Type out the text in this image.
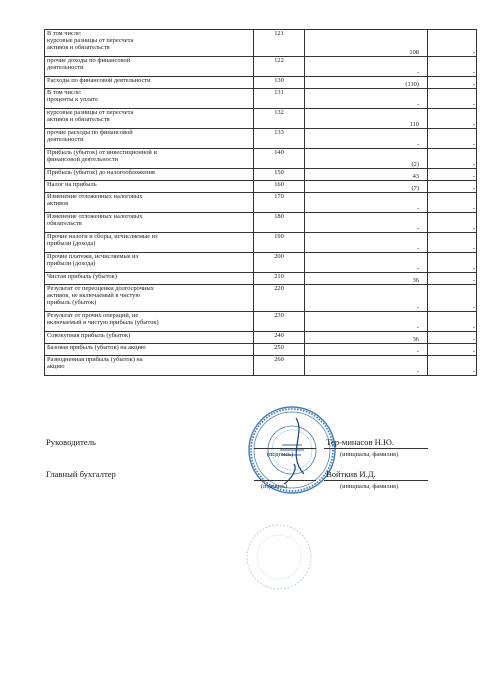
В том числе:
курсовые разницы от пересчета
активов и обязательств	121	108	-
прочие доходы по финансовой
деятельности	122	-	-
Расходы по финансовой деятельности	130	(110)	-
В том числе:
проценты к уплате	131	-	-
курсовые разницы от пересчета
активов и обязательств	132	110	-
прочие расходы по финансовой
деятельности	133	-	-
Прибыль (убыток) от инвестиционной и
финансовой деятельности	140	(2)	-
Прибыль (убыток) до налогообложения	150	43	-
Налог на прибыль	160	(7)	-
Изменение отложенных налоговых
активов	170	-	-
Изменение отложенных налоговых
обязательств	180	-	-
Прочие налоги и сборы, исчисляемые из
прибыли (дохода)	190	-	-
Прочие платежи, исчисляемые из
прибыли (дохода)	200	-	-
Чистая прибыль (убыток)	210	36	-
Результат от переоценки долгосрочных
активов, не включаемый в чистую
прибыль (убыток)	220	-	-
Результат от прочих операций, не
включаемый в чистую прибыль (убыток)	230	-	-
Совокупная прибыль (убыток)	240	36	-
Базовая прибыль (убыток) на акцию	250	-	-
Разводненная прибыль (убыток) на
акцию	260	-	-
Руководитель
(подпись)
Тер-минасов Н.Ю.
(инициалы, фамилия)
Главный бухгалтер
(подпись)
Войткив И.Д.
(инициалы, фамилия)
